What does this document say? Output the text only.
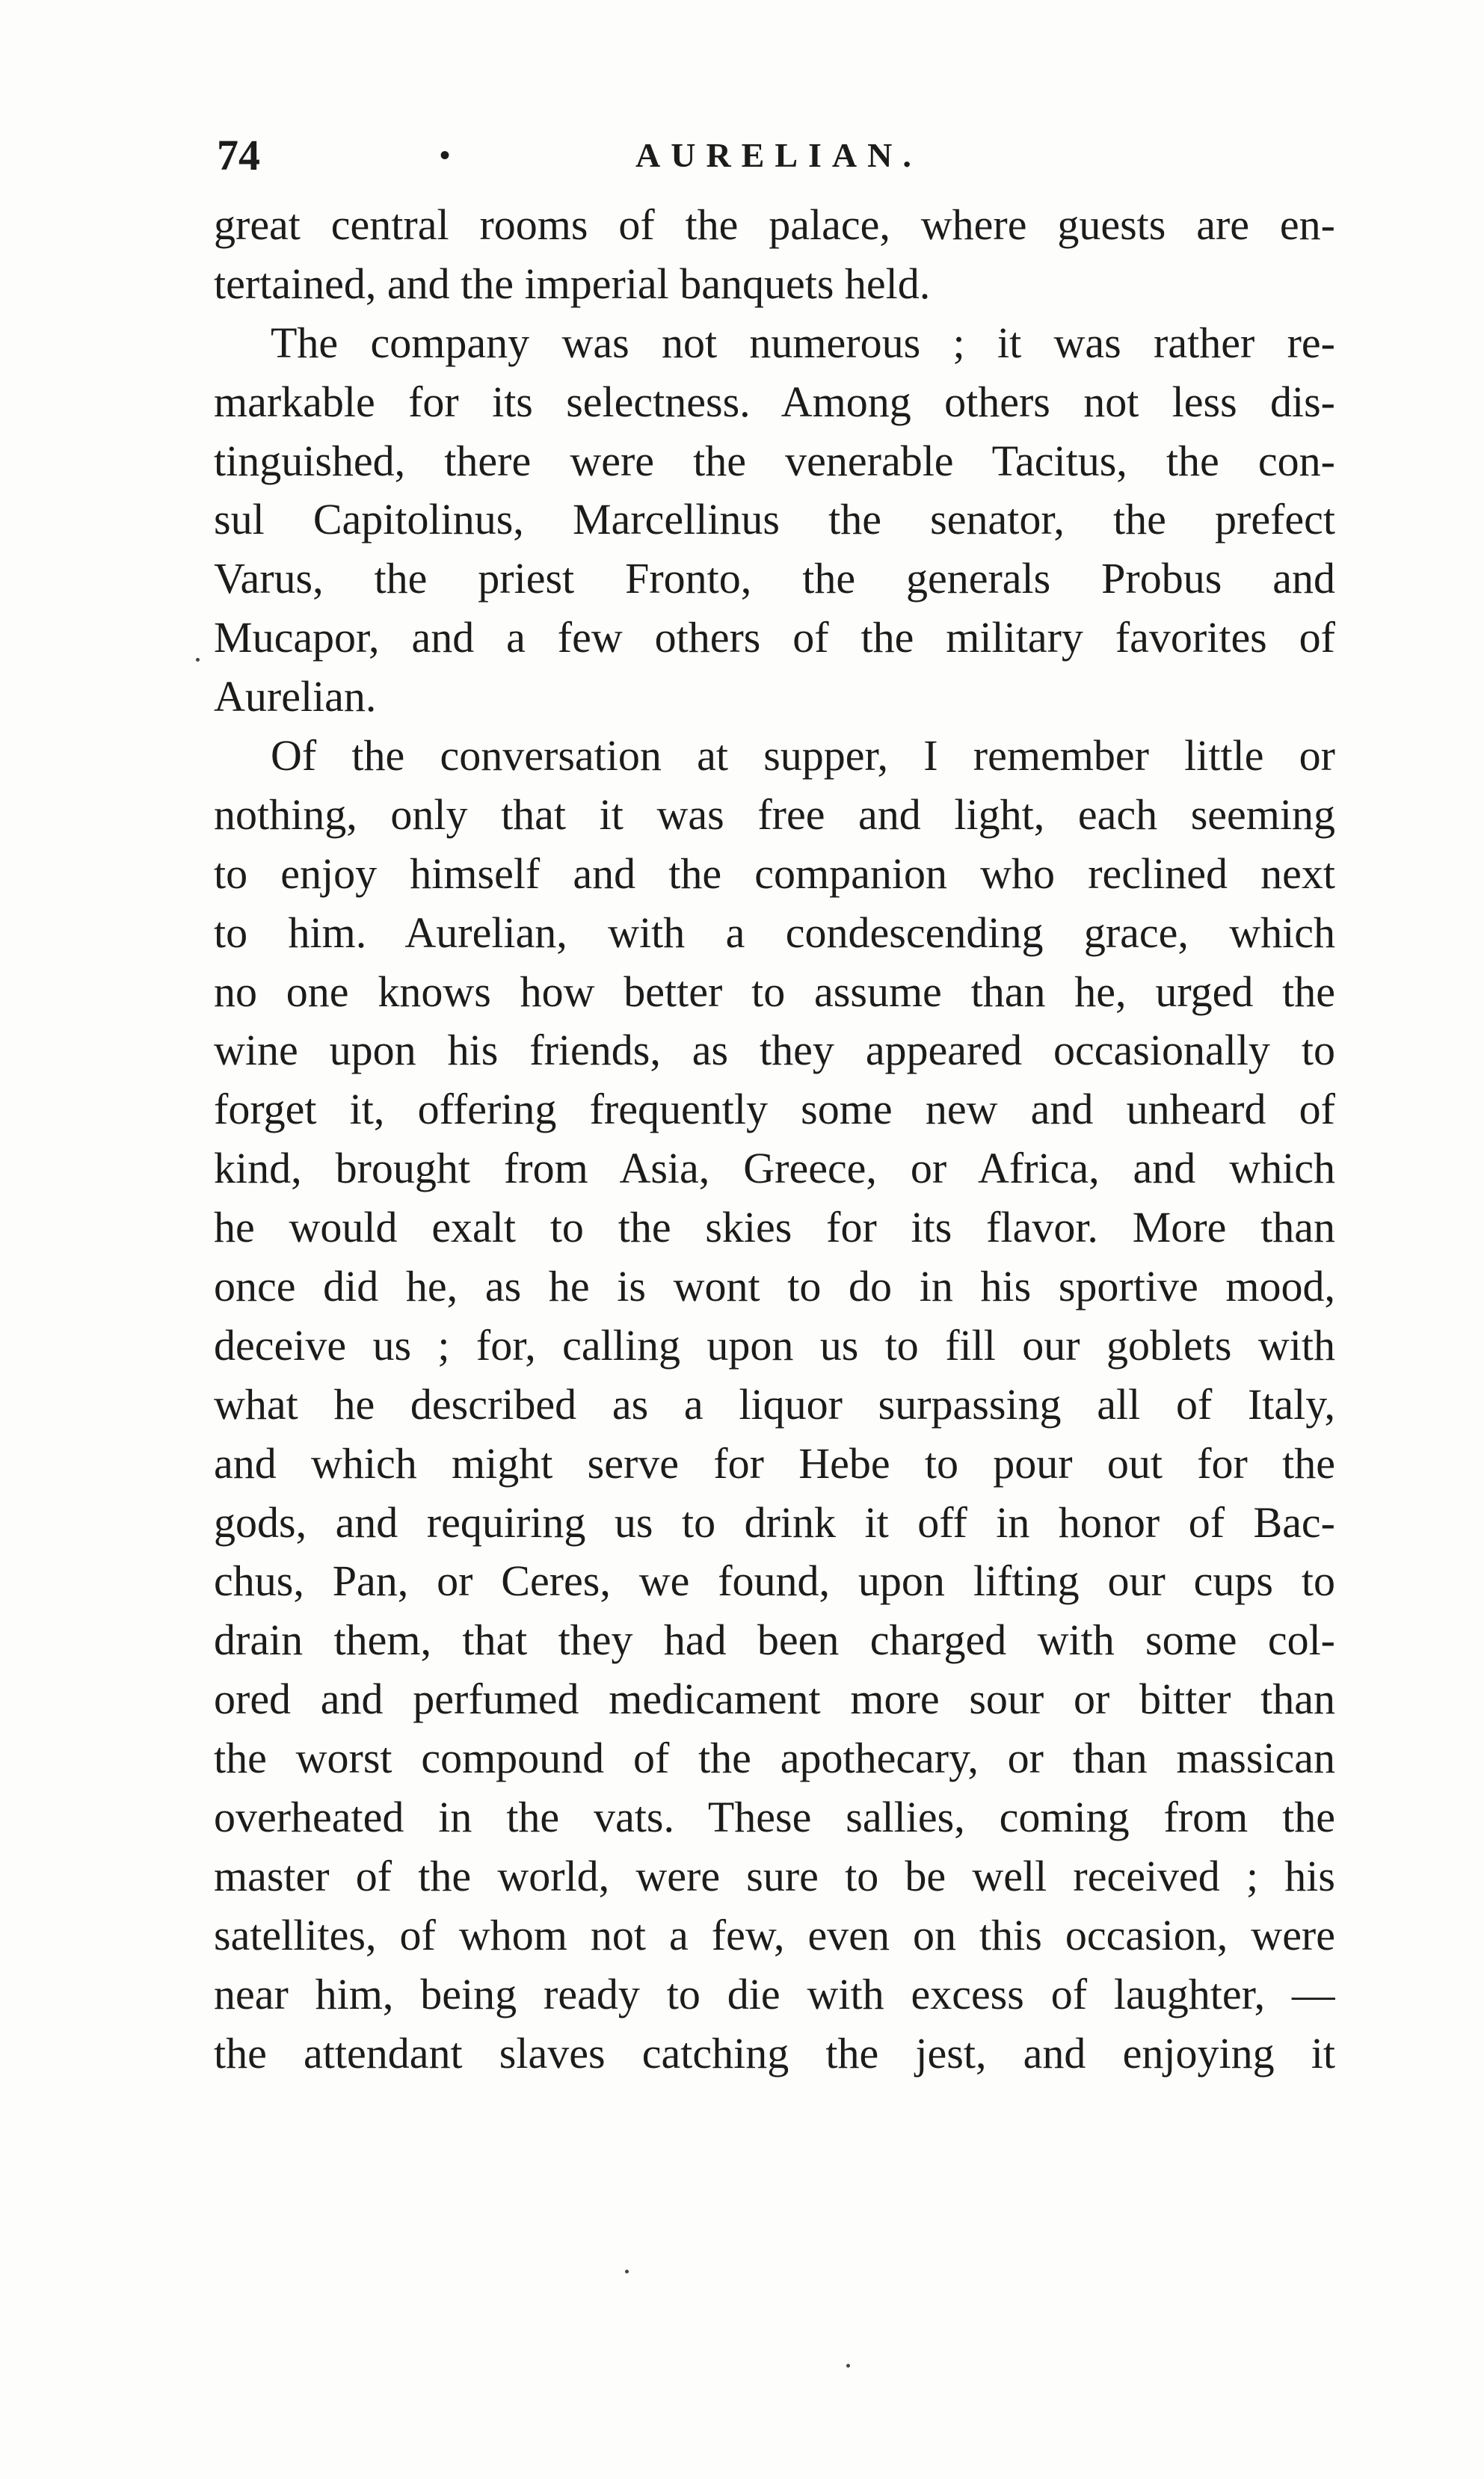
74	•	AURELIAN.
great central rooms of the palace, where guests are en-
tertained, and the imperial banquets held.
The company was not numerous ; it was rather re-
markable for its selectness. Among others not less dis-
tinguished, there were the venerable Tacitus, the con-
sul Capitolinus, Marcellinus the senator, the prefect
Varus, the priest Fronto, the generals Probus and
Mucapor, and a few others of the military favorites of
Aurelian.
Of the conversation at supper, I remember little or
nothing, only that it was free and light, each seeming
to enjoy himself and the companion who reclined next
to him. Aurelian, with a condescending grace, which
no one knows how better to assume than he, urged the
wine upon his friends, as they appeared occasionally to
forget it, offering frequently some new and unheard of
kind, brought from Asia, Greece, or Africa, and which
he would exalt to the skies for its flavor. More than
once did he, as he is wont to do in his sportive mood,
deceive us ; for, calling upon us to fill our goblets with
what he described as a liquor surpassing all of Italy,
and which might serve for Hebe to pour out for the
gods, and requiring us to drink it off in honor of Bac-
chus, Pan, or Ceres, we found, upon lifting our cups to
drain them, that they had been charged with some col-
ored and perfumed medicament more sour or bitter than
the worst compound of the apothecary, or than massican
overheated in the vats. These sallies, coming from the
master of the world, were sure to be well received ; his
satellites, of whom not a few, even on this occasion, were
near him, being ready to die with excess of laughter, —
the attendant slaves catching the jest, and enjoying it
